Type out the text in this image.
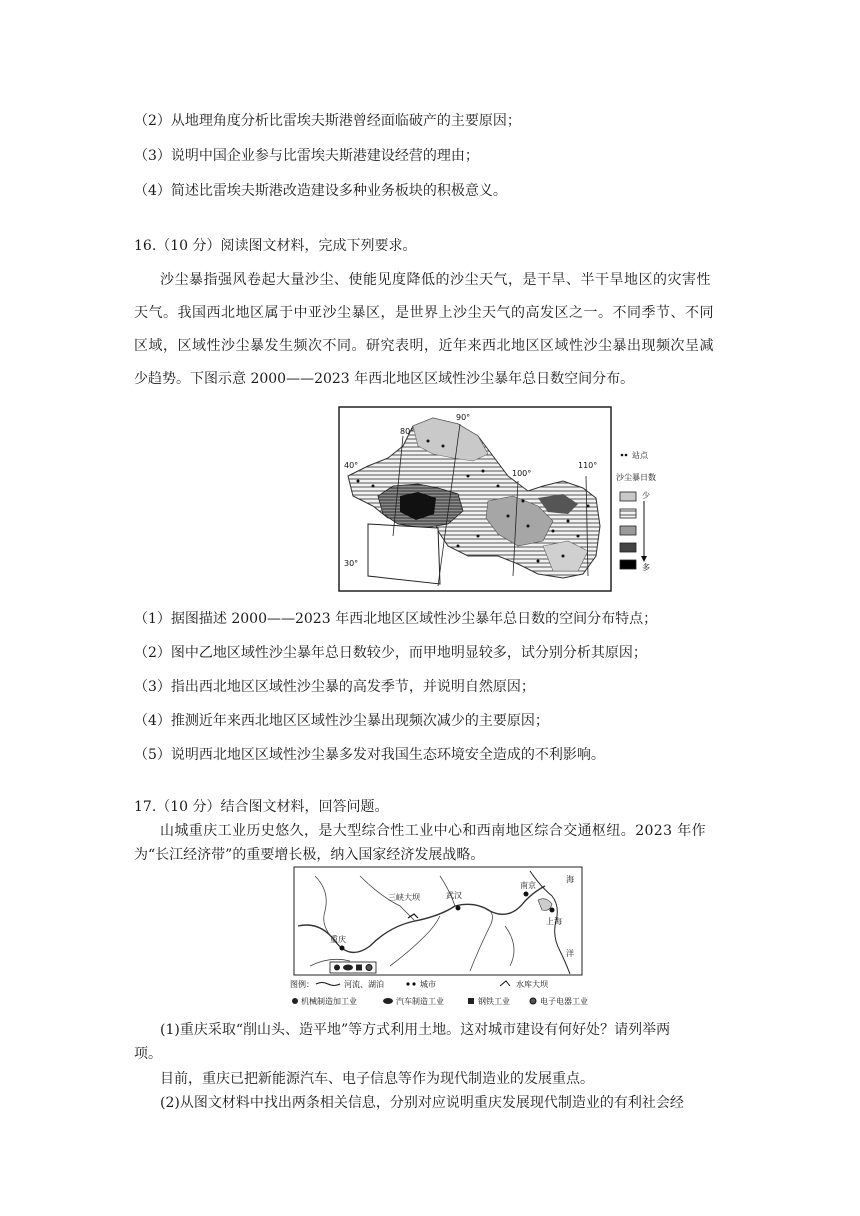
（2）从地理角度分析比雷埃夫斯港曾经面临破产的主要原因；
（3）说明中国企业参与比雷埃夫斯港建设经营的理由；
（4）简述比雷埃夫斯港改造建设多种业务板块的积极意义。
16.（10 分）阅读图文材料，完成下列要求。
沙尘暴指强风卷起大量沙尘、使能见度降低的沙尘天气，是干旱、半干旱地区的灾害性
天气。我国西北地区属于中亚沙尘暴区，是世界上沙尘天气的高发区之一。不同季节、不同
区域，区域性沙尘暴发生频次不同。研究表明，近年来西北地区区域性沙尘暴出现频次呈减
少趋势。下图示意 2000——2023 年西北地区区域性沙尘暴年总日数空间分布。
80°
90°
100°
110°
40°
30°
站点
沙尘暴日数
少
多
（1）据图描述 2000——2023 年西北地区区域性沙尘暴年总日数的空间分布特点；
（2）图中乙地区域性沙尘暴年总日数较少，而甲地明显较多，试分别分析其原因；
（3）指出西北地区区域性沙尘暴的高发季节，并说明自然原因；
（4）推测近年来西北地区区域性沙尘暴出现频次减少的主要原因；
（5）说明西北地区区域性沙尘暴多发对我国生态环境安全造成的不利影响。
17.（10 分）结合图文材料，回答问题。
山城重庆工业历史悠久，是大型综合性工业中心和西南地区综合交通枢纽。2023 年作
为“长江经济带”的重要增长极，纳入国家经济发展战略。
重庆
三峡大坝	武汉
南京
上海
海
洋
图例：	河流、湖泊	城市	水库大坝
机械制造加工业	汽车制造工业	钢铁工业	电子电器工业
(1)重庆采取“削山头、造平地”等方式利用土地。这对城市建设有何好处？请列举两
项。
目前，重庆已把新能源汽车、电子信息等作为现代制造业的发展重点。
(2)从图文材料中找出两条相关信息，分别对应说明重庆发展现代制造业的有利社会经
